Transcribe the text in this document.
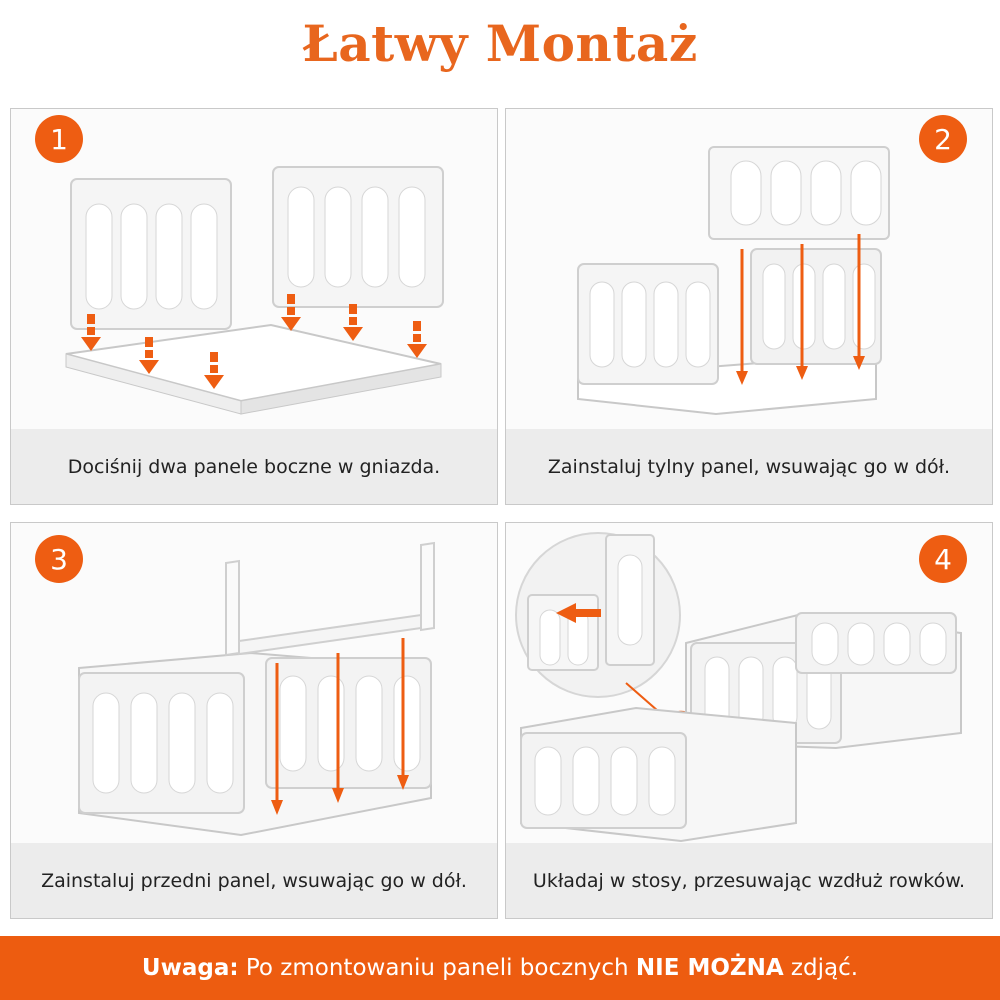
Łatwy Montaż
1
Dociśnij dwa panele boczne w gniazda.
2
Zainstaluj tylny panel, wsuwając go w dół.
3
Zainstaluj przedni panel, wsuwając go w dół.
4
Układaj w stosy, przesuwając wzdłuż rowków.
Uwaga: Po zmontowaniu paneli bocznych NIE MOŻNA zdjąć.
